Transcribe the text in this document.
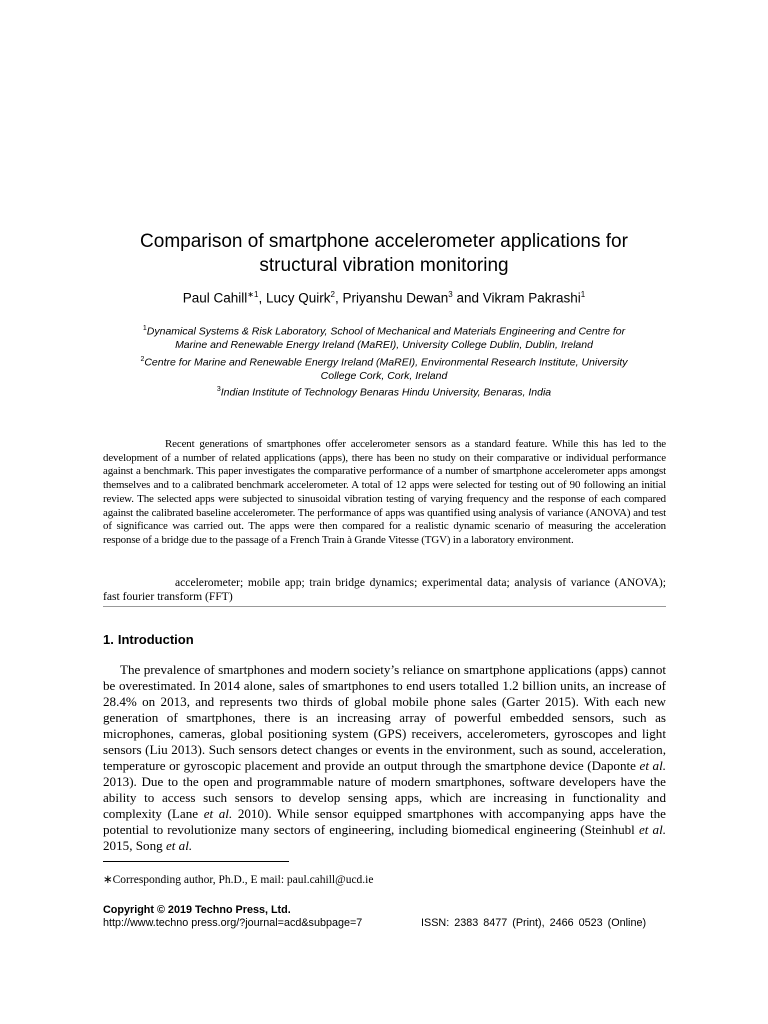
Comparison of smartphone accelerometer applications for
structural vibration monitoring
Paul Cahill$^{∗1}$, Lucy Quirk$^2$, Priyanshu Dewan$^3$ and Vikram Pakrashi$^1$
$^1$Dynamical Systems & Risk Laboratory, School of Mechanical and Materials Engineering and Centre for
Marine and Renewable Energy Ireland (MaREI), University College Dublin, Dublin, Ireland
$^2$Centre for Marine and Renewable Energy Ireland (MaREI), Environmental Research Institute, University
College Cork, Cork, Ireland
$^3$Indian Institute of Technology Benaras Hindu University, Benaras, India
Recent generations of smartphones offer accelerometer sensors as a standard feature. While this has led to the development of a number of related applications (apps), there has been no study on their comparative or individual performance against a benchmark. This paper investigates the comparative performance of a number of smartphone accelerometer apps amongst themselves and to a calibrated benchmark accelerometer. A total of 12 apps were selected for testing out of 90 following an initial review. The selected apps were subjected to sinusoidal vibration testing of varying frequency and the response of each compared against the calibrated baseline accelerometer. The performance of apps was quantified using analysis of variance (ANOVA) and test of significance was carried out. The apps were then compared for a realistic dynamic scenario of measuring the acceleration response of a bridge due to the passage of a French Train à Grande Vitesse (TGV) in a laboratory environment.
accelerometer; mobile app; train bridge dynamics; experimental data; analysis of variance (ANOVA); fast fourier transform (FFT)
1. Introduction
The prevalence of smartphones and modern society’s reliance on smartphone applications (apps) cannot be overestimated. In 2014 alone, sales of smartphones to end users totalled 1.2 billion units, an increase of 28.4% on 2013, and represents two thirds of global mobile phone sales (Garter 2015). With each new generation of smartphones, there is an increasing array of powerful embedded sensors, such as microphones, cameras, global positioning system (GPS) receivers, accelerometers, gyroscopes and light sensors (Liu 2013). Such sensors detect changes or events in the environment, such as sound, acceleration, temperature or gyroscopic placement and provide an output through the smartphone device (Daponte et al. 2013). Due to the open and programmable nature of modern smartphones, software developers have the ability to access such sensors to develop sensing apps, which are increasing in functionality and complexity (Lane et al. 2010). While sensor equipped smartphones with accompanying apps have the potential to revolutionize many sectors of engineering, including biomedical engineering (Steinhubl et al. 2015, Song et al.
∗Corresponding author, Ph.D., E mail: paul.cahill@ucd.ie
Copyright © 2019 Techno Press, Ltd.
http://www.techno press.org/?journal=acd&subpage=7	ISSN: 2383 8477 (Print), 2466 0523 (Online)
